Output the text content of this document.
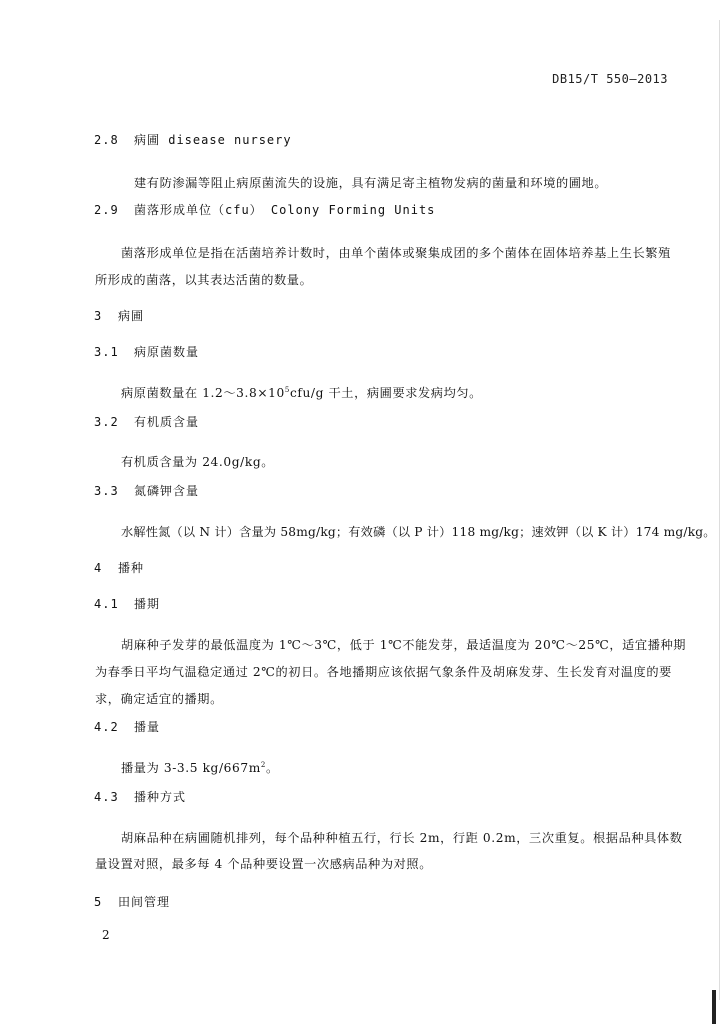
DB15/T 550—2013
2.8 病圃 disease nursery
建有防渗漏等阻止病原菌流失的设施，具有满足寄主植物发病的菌量和环境的圃地。
2.9 菌落形成单位（cfu） Colony Forming Units
菌落形成单位是指在活菌培养计数时，由单个菌体或聚集成团的多个菌体在固体培养基上生长繁殖
所形成的菌落，以其表达活菌的数量。
3 病圃
3.1 病原菌数量
病原菌数量在 $1.2\sim 3.8\times 10^5cfu/g$ 干土，病圃要求发病均匀。
3.2 有机质含量
有机质含量为 24.0g/kg。
3.3 氮磷钾含量
水解性氮（以 N 计）含量为 58mg/kg；有效磷（以 P 计）118 mg/kg；速效钾（以 K 计）174 mg/kg。
4 播种
4.1 播期
胡麻种子发芽的最低温度为 1℃～3℃，低于 1℃不能发芽，最适温度为 20℃～25℃，适宜播种期
为春季日平均气温稳定通过 2℃的初日。各地播期应该依据气象条件及胡麻发芽、生长发育对温度的要
求，确定适宜的播期。
4.2 播量
播量为 3-3.5 $kg/667m^2$。
4.3 播种方式
胡麻品种在病圃随机排列，每个品种种植五行，行长 2m，行距 0.2m，三次重复。根据品种具体数
量设置对照，最多每 4 个品种要设置一次感病品种为对照。
5 田间管理
2
